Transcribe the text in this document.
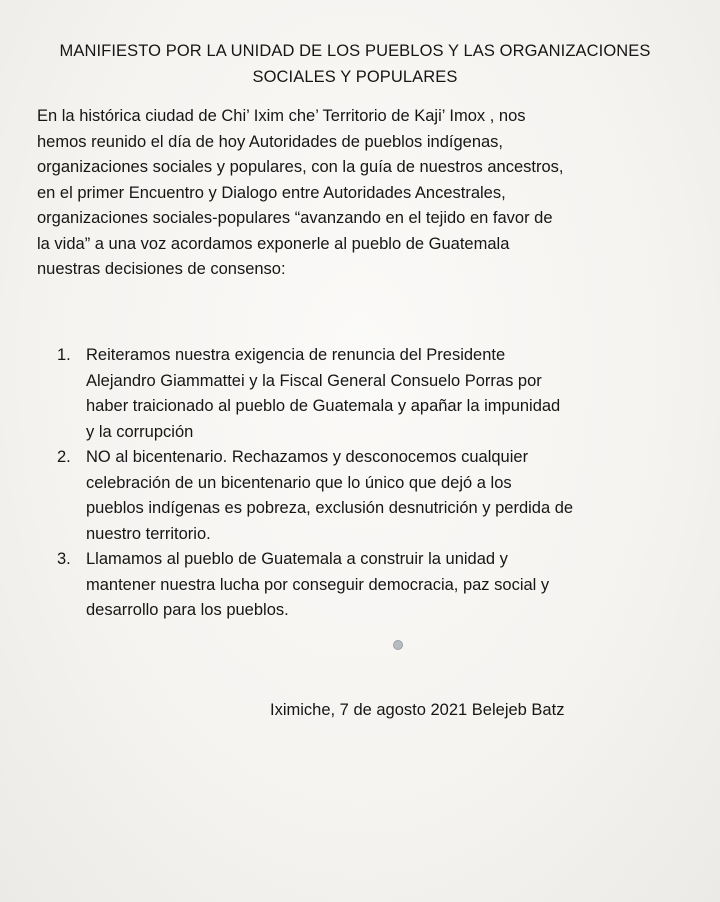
MANIFIESTO POR LA UNIDAD DE LOS PUEBLOS Y LAS ORGANIZACIONES
SOCIALES Y POPULARES
En la histórica ciudad de Chi’ Ixim che’ Territorio de Kaji’ Imox , nos
hemos reunido el día de hoy Autoridades de pueblos indígenas,
organizaciones sociales y populares, con la guía de nuestros ancestros,
en el primer Encuentro y Dialogo entre Autoridades Ancestrales,
organizaciones sociales-populares “avanzando en el tejido en favor de
la vida” a una voz acordamos exponerle al pueblo de Guatemala
nuestras decisiones de consenso:
1. Reiteramos nuestra exigencia de renuncia del Presidente
Alejandro Giammattei y la Fiscal General Consuelo Porras por
haber traicionado al pueblo de Guatemala y apañar la impunidad
y la corrupción
2. NO al bicentenario. Rechazamos y desconocemos cualquier
celebración de un bicentenario que lo único que dejó a los
pueblos indígenas es pobreza, exclusión desnutrición y perdida de
nuestro territorio.
3. Llamamos al pueblo de Guatemala a construir la unidad y
mantener nuestra lucha por conseguir democracia, paz social y
desarrollo para los pueblos.
Iximiche, 7 de agosto 2021 Belejeb Batz
